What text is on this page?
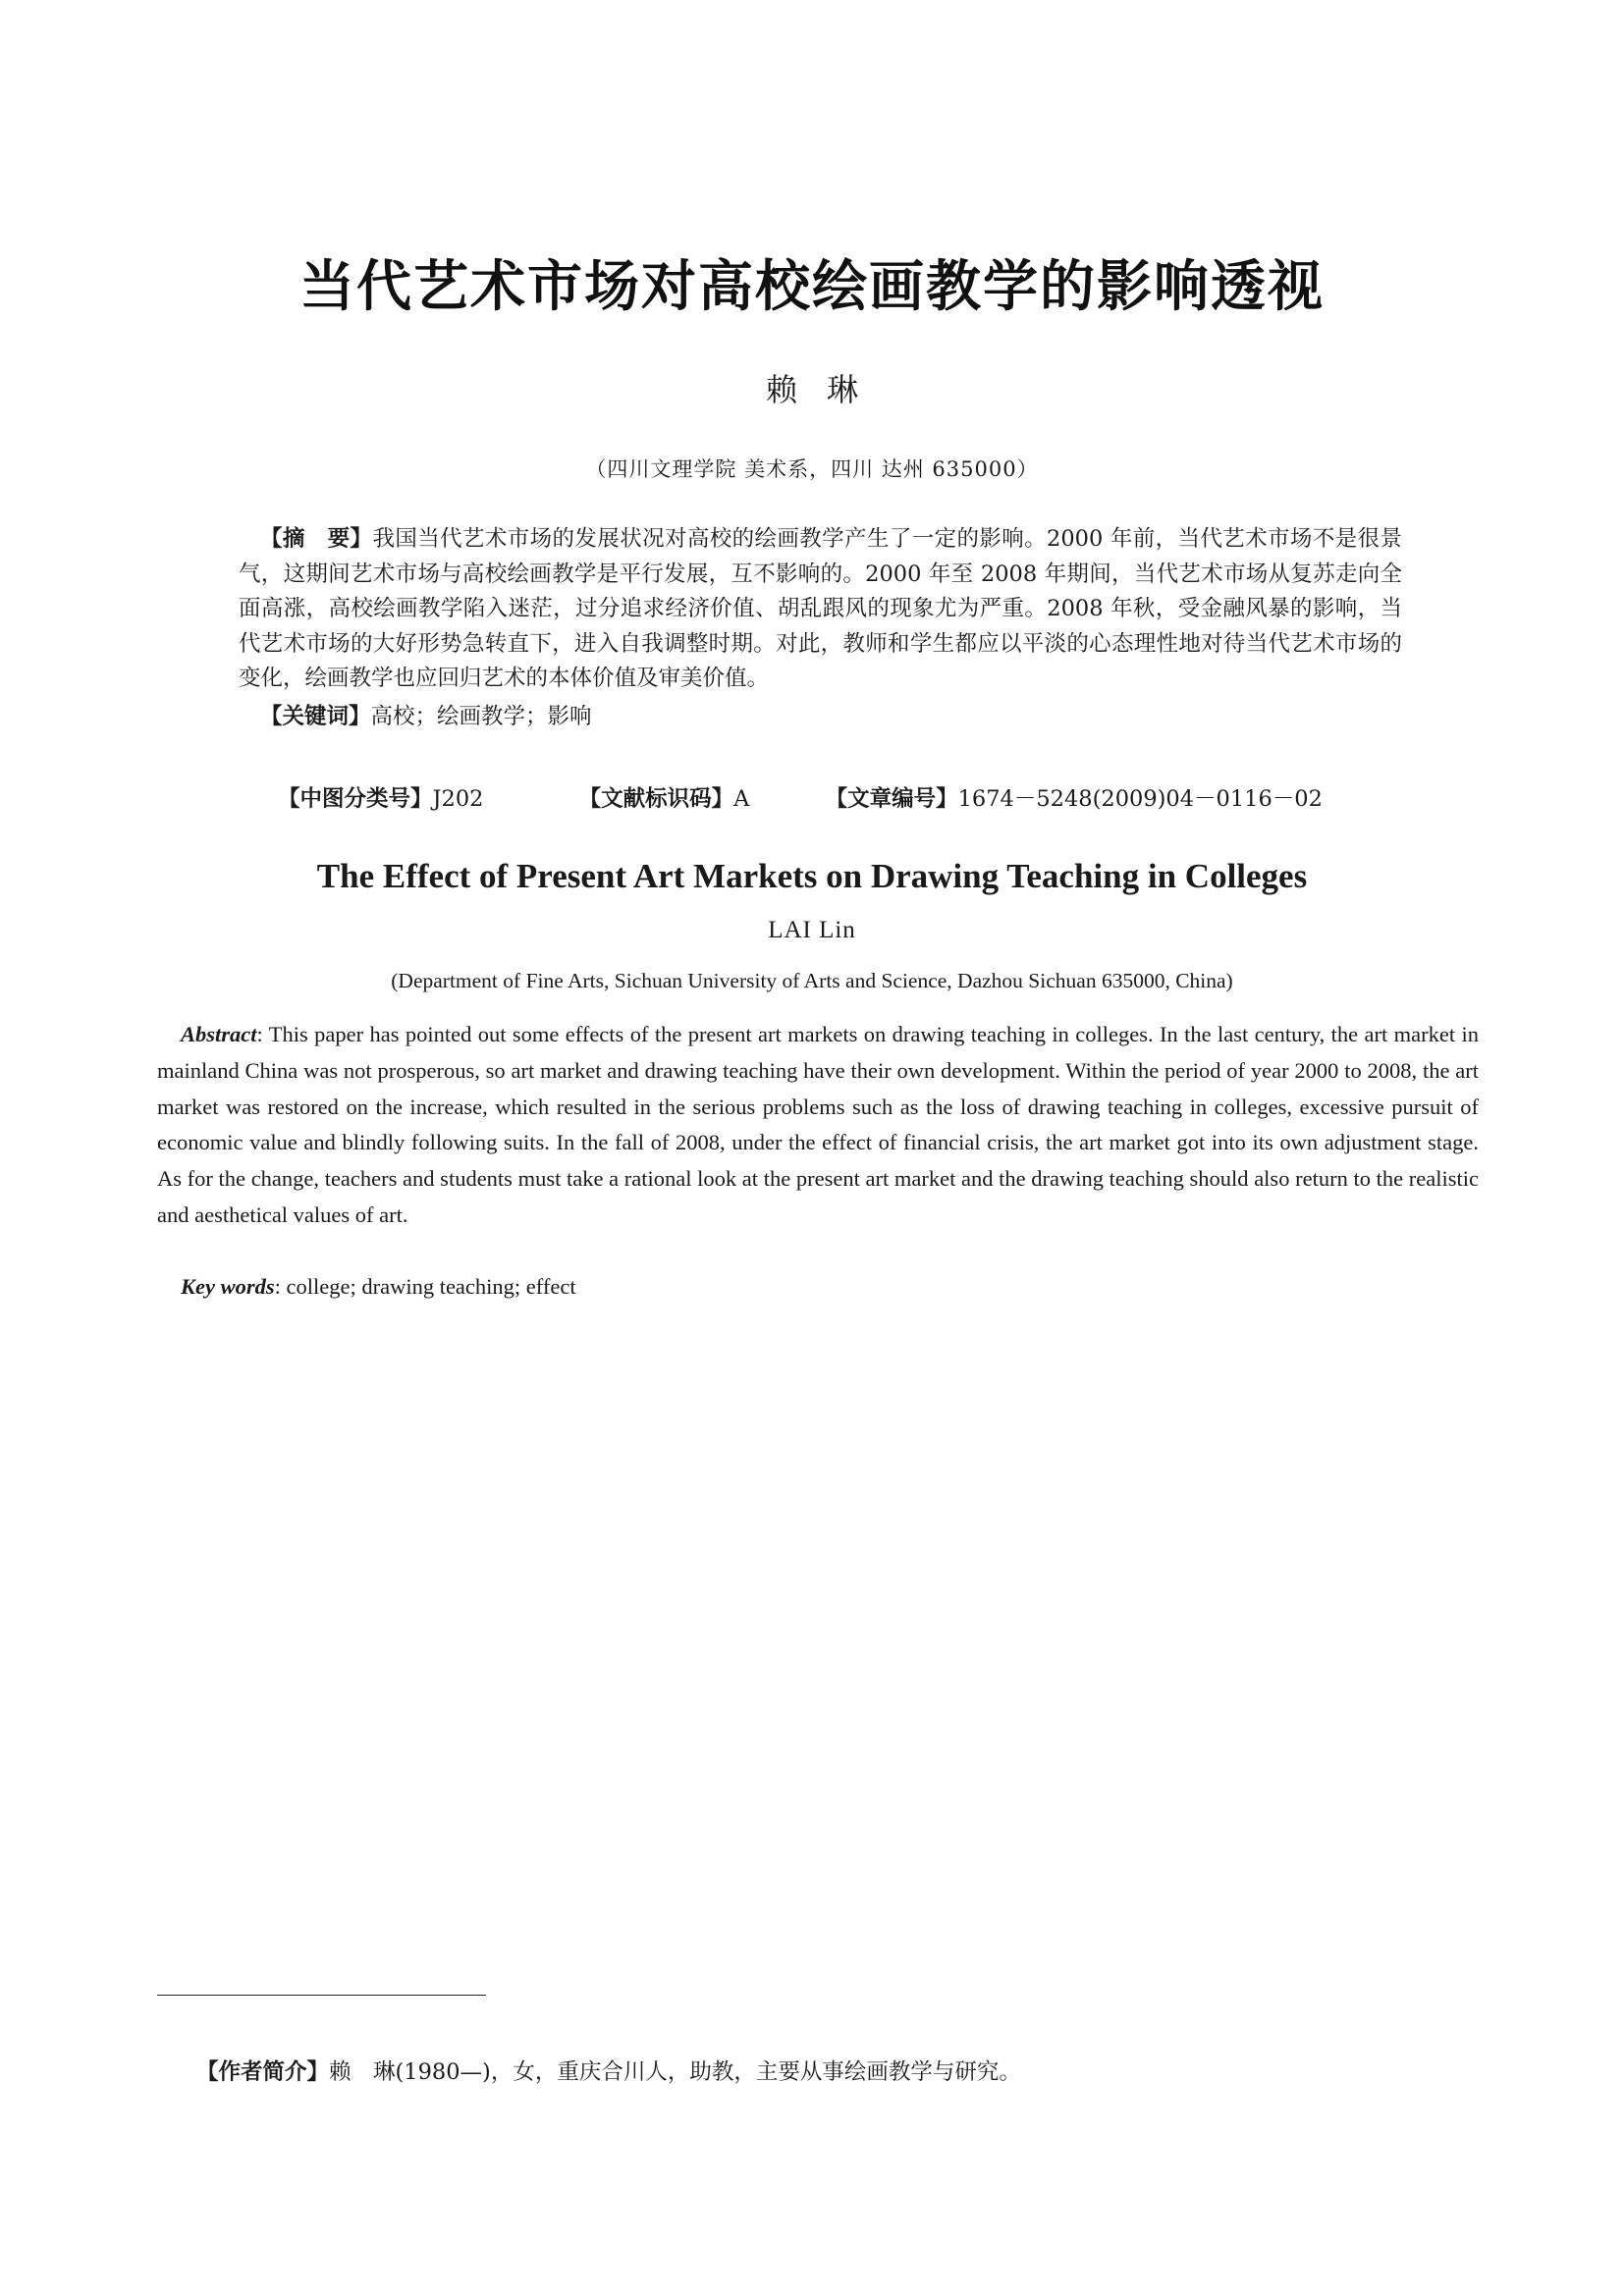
当代艺术市场对高校绘画教学的影响透视
赖琳
（四川文理学院 美术系，四川 达州 635000）
【摘　要】我国当代艺术市场的发展状况对高校的绘画教学产生了一定的影响。2000 年前，当代艺术市场不是很景气，这期间艺术市场与高校绘画教学是平行发展，互不影响的。2000 年至 2008 年期间，当代艺术市场从复苏走向全面高涨，高校绘画教学陷入迷茫，过分追求经济价值、胡乱跟风的现象尤为严重。2008 年秋，受金融风暴的影响，当代艺术市场的大好形势急转直下，进入自我调整时期。对此，教师和学生都应以平淡的心态理性地对待当代艺术市场的变化，绘画教学也应回归艺术的本体价值及审美价值。
【关键词】高校；绘画教学；影响
【中图分类号】J202	【文献标识码】A	【文章编号】1674－5248(2009)04－0116－02
The Effect of Present Art Markets on Drawing Teaching in Colleges
LAI Lin
(Department of Fine Arts, Sichuan University of Arts and Science, Dazhou Sichuan 635000, China)
Abstract: This paper has pointed out some effects of the present art markets on drawing teaching in colleges. In the last century, the art market in mainland China was not prosperous, so art market and drawing teaching have their own development. Within the period of year 2000 to 2008, the art market was restored on the increase, which resulted in the serious problems such as the loss of drawing teaching in colleges, excessive pursuit of economic value and blindly following suits. In the fall of 2008, under the effect of financial crisis, the art market got into its own adjustment stage. As for the change, teachers and students must take a rational look at the present art market and the drawing teaching should also return to the realistic and aesthetical values of art.
Key words: college; drawing teaching; effect
【作者简介】赖　琳(1980—)，女，重庆合川人，助教，主要从事绘画教学与研究。
